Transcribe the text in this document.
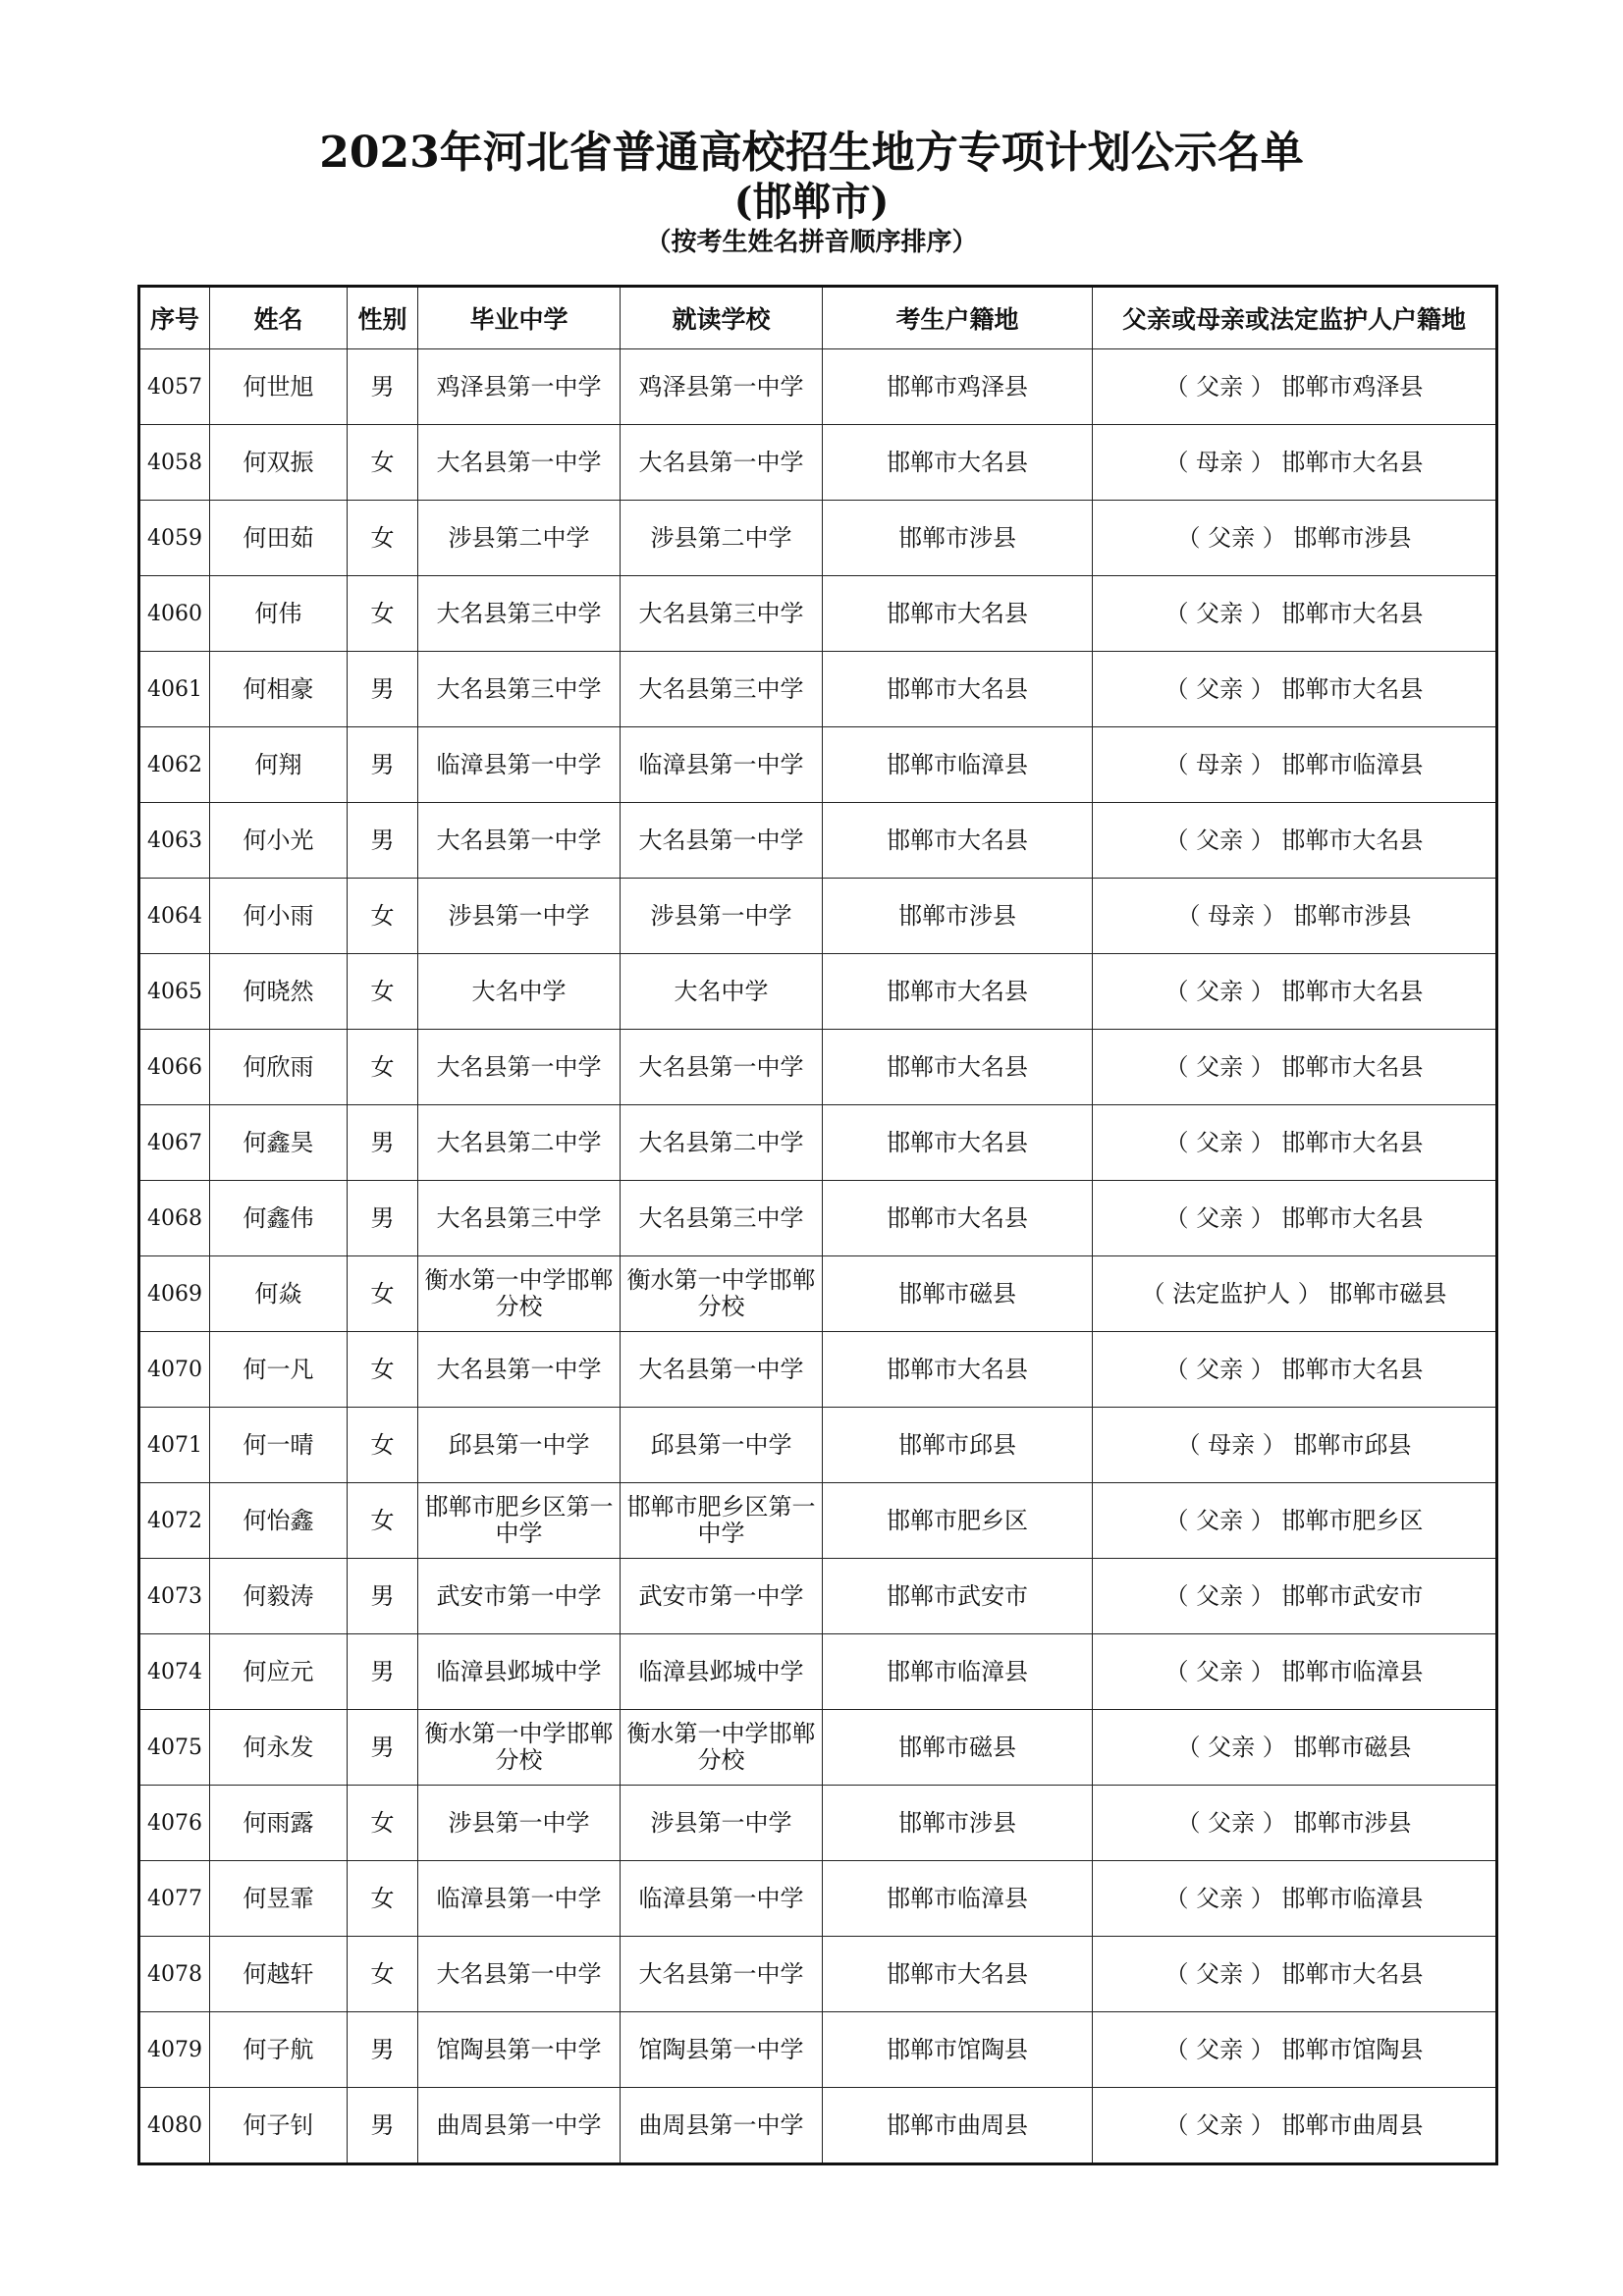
2023年河北省普通高校招生地方专项计划公示名单
(邯郸市)
（按考生姓名拼音顺序排序）
序号	姓名	性别	毕业中学	就读学校	考生户籍地	父亲或母亲或法定监护人户籍地
4057	何世旭	男	鸡泽县第一中学	鸡泽县第一中学	邯郸市鸡泽县	（ 父亲 ） 邯郸市鸡泽县
4058	何双振	女	大名县第一中学	大名县第一中学	邯郸市大名县	（ 母亲 ） 邯郸市大名县
4059	何田茹	女	涉县第二中学	涉县第二中学	邯郸市涉县	（ 父亲 ） 邯郸市涉县
4060	何伟	女	大名县第三中学	大名县第三中学	邯郸市大名县	（ 父亲 ） 邯郸市大名县
4061	何相豪	男	大名县第三中学	大名县第三中学	邯郸市大名县	（ 父亲 ） 邯郸市大名县
4062	何翔	男	临漳县第一中学	临漳县第一中学	邯郸市临漳县	（ 母亲 ） 邯郸市临漳县
4063	何小光	男	大名县第一中学	大名县第一中学	邯郸市大名县	（ 父亲 ） 邯郸市大名县
4064	何小雨	女	涉县第一中学	涉县第一中学	邯郸市涉县	（ 母亲 ） 邯郸市涉县
4065	何晓然	女	大名中学	大名中学	邯郸市大名县	（ 父亲 ） 邯郸市大名县
4066	何欣雨	女	大名县第一中学	大名县第一中学	邯郸市大名县	（ 父亲 ） 邯郸市大名县
4067	何鑫昊	男	大名县第二中学	大名县第二中学	邯郸市大名县	（ 父亲 ） 邯郸市大名县
4068	何鑫伟	男	大名县第三中学	大名县第三中学	邯郸市大名县	（ 父亲 ） 邯郸市大名县
4069	何焱	女	衡水第一中学邯郸分校	衡水第一中学邯郸分校	邯郸市磁县	（ 法定监护人 ） 邯郸市磁县
4070	何一凡	女	大名县第一中学	大名县第一中学	邯郸市大名县	（ 父亲 ） 邯郸市大名县
4071	何一晴	女	邱县第一中学	邱县第一中学	邯郸市邱县	（ 母亲 ） 邯郸市邱县
4072	何怡鑫	女	邯郸市肥乡区第一中学	邯郸市肥乡区第一中学	邯郸市肥乡区	（ 父亲 ） 邯郸市肥乡区
4073	何毅涛	男	武安市第一中学	武安市第一中学	邯郸市武安市	（ 父亲 ） 邯郸市武安市
4074	何应元	男	临漳县邺城中学	临漳县邺城中学	邯郸市临漳县	（ 父亲 ） 邯郸市临漳县
4075	何永发	男	衡水第一中学邯郸分校	衡水第一中学邯郸分校	邯郸市磁县	（ 父亲 ） 邯郸市磁县
4076	何雨露	女	涉县第一中学	涉县第一中学	邯郸市涉县	（ 父亲 ） 邯郸市涉县
4077	何昱霏	女	临漳县第一中学	临漳县第一中学	邯郸市临漳县	（ 父亲 ） 邯郸市临漳县
4078	何越轩	女	大名县第一中学	大名县第一中学	邯郸市大名县	（ 父亲 ） 邯郸市大名县
4079	何子航	男	馆陶县第一中学	馆陶县第一中学	邯郸市馆陶县	（ 父亲 ） 邯郸市馆陶县
4080	何子钊	男	曲周县第一中学	曲周县第一中学	邯郸市曲周县	（ 父亲 ） 邯郸市曲周县
